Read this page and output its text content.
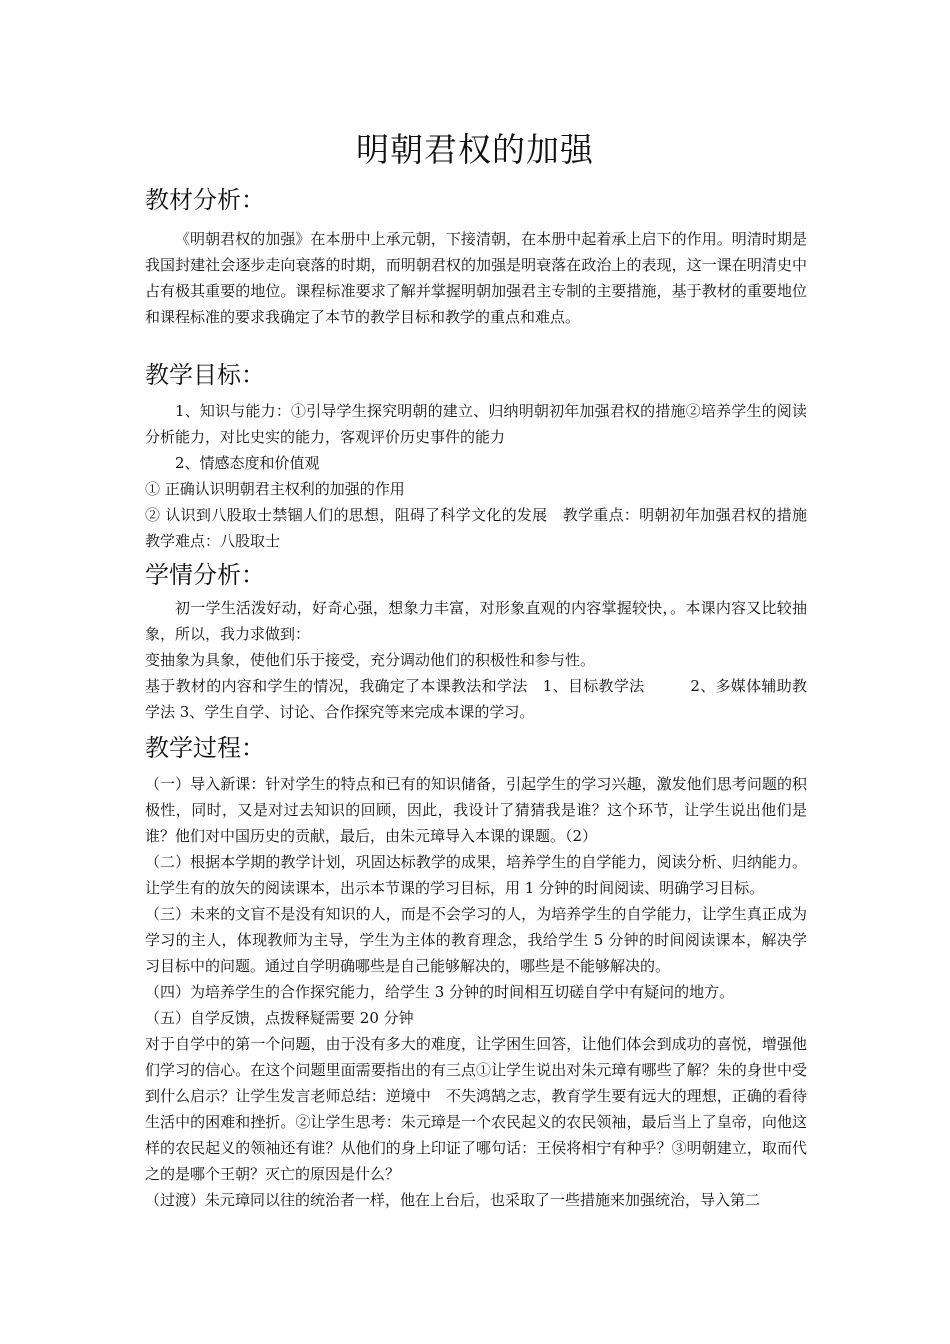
明朝君权的加强
教材分析：

《明朝君权的加强》在本册中上承元朝，下接清朝，在本册中起着承上启下的作用。明清时期是我国封建社会逐步走向衰落的时期，而明朝君权的加强是明衰落在政治上的表现，这一课在明清史中占有极其重要的地位。课程标准要求了解并掌握明朝加强君主专制的主要措施，基于教材的重要地位和课程标准的要求我确定了本节的教学目标和教学的重点和难点。

教学目标：

1、知识与能力：①引导学生探究明朝的建立、归纳明朝初年加强君权的措施②培养学生的阅读分析能力，对比史实的能力，客观评价历史事件的能力

2、情感态度和价值观

① 正确认识明朝君主权利的加强的作用

② 认识到八股取士禁锢人们的思想，阻碍了科学文化的发展　教学重点：明朝初年加强君权的措施　教学难点：八股取士

学情分析：

初一学生活泼好动，好奇心强，想象力丰富，对形象直观的内容掌握较快，。本课内容又比较抽象，所以，我力求做到：

变抽象为具象，使他们乐于接受，充分调动他们的积极性和参与性。

基于教材的内容和学生的情况，我确定了本课教法和学法　1、目标教学法　　　2、多媒体辅助教学法 3、学生自学、讨论、合作探究等来完成本课的学习。

教学过程：

（一）导入新课：针对学生的特点和已有的知识储备，引起学生的学习兴趣，激发他们思考问题的积极性，同时，又是对过去知识的回顾，因此，我设计了猜猜我是谁？这个环节，让学生说出他们是谁？他们对中国历史的贡献，最后，由朱元璋导入本课的课题。（2）

（二）根据本学期的教学计划，巩固达标教学的成果，培养学生的自学能力，阅读分析、归纳能力。让学生有的放矢的阅读课本，出示本节课的学习目标，用 1 分钟的时间阅读、明确学习目标。

（三）未来的文盲不是没有知识的人，而是不会学习的人，为培养学生的自学能力，让学生真正成为学习的主人，体现教师为主导，学生为主体的教育理念，我给学生 5 分钟的时间阅读课本，解决学习目标中的问题。通过自学明确哪些是自己能够解决的，哪些是不能够解决的。

（四）为培养学生的合作探究能力，给学生 3 分钟的时间相互切磋自学中有疑问的地方。

（五）自学反馈，点拨释疑需要 20 分钟

对于自学中的第一个问题，由于没有多大的难度，让学困生回答，让他们体会到成功的喜悦，增强他们学习的信心。在这个问题里面需要指出的有三点①让学生说出对朱元璋有哪些了解？朱的身世中受到什么启示？让学生发言老师总结：逆境中　不失鸿鹄之志，教育学生要有远大的理想，正确的看待生活中的困难和挫折。②让学生思考：朱元璋是一个农民起义的农民领袖，最后当上了皇帝，向他这样的农民起义的领袖还有谁？从他们的身上印证了哪句话：王侯将相宁有种乎？③明朝建立，取而代之的是哪个王朝？灭亡的原因是什么？

（过渡）朱元璋同以往的统治者一样，他在上台后，也采取了一些措施来加强统治，导入第二
